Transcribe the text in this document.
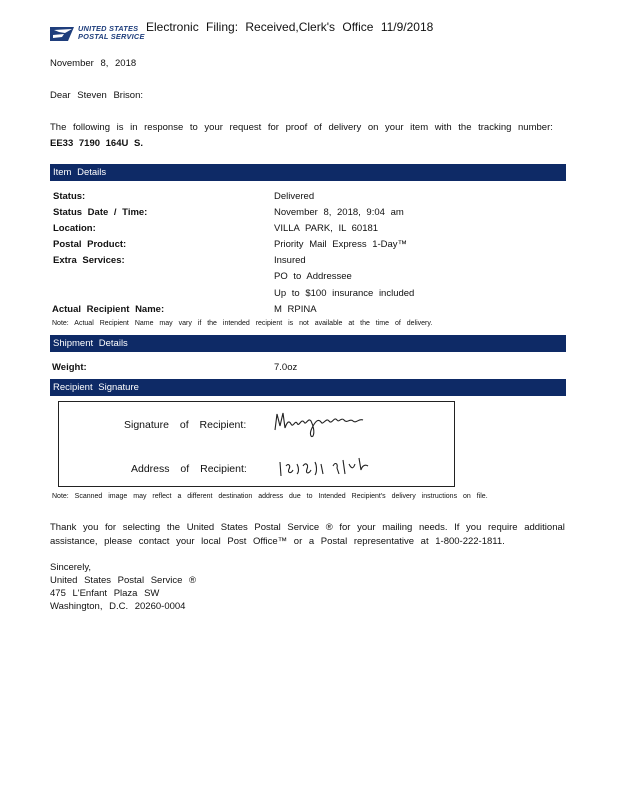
UNITED STATES
POSTAL SERVICE
Electronic Filing: Received,Clerk's Office 11/9/2018
November 8, 2018
Dear Steven Brison:
The following is in response to your request for proof of delivery on your item with the tracking number:
EE33 7190 164U S.
Item Details
Status:	Delivered
Status Date / Time:	November 8, 2018, 9:04 am
Location:	VILLA PARK, IL 60181
Postal Product:	Priority Mail Express 1-Day™
Extra Services:	Insured
PO to Addressee
Up to $100 insurance included
Actual Recipient Name:	M RPINA
Note: Actual Recipient Name may vary if the intended recipient is not available at the time of delivery.
Shipment Details
Weight:	7.0oz
Recipient Signature
Signature of Recipient:
Address of Recipient:
Note: Scanned image may reflect a different destination address due to Intended Recipient's delivery instructions on file.
Thank you for selecting the United States Postal Service ® for your mailing needs. If you require additional
assistance, please contact your local Post Office™ or a Postal representative at 1-800-222-1811.
Sincerely,
United States Postal Service ®
475 L'Enfant Plaza SW
Washington, D.C. 20260-0004
